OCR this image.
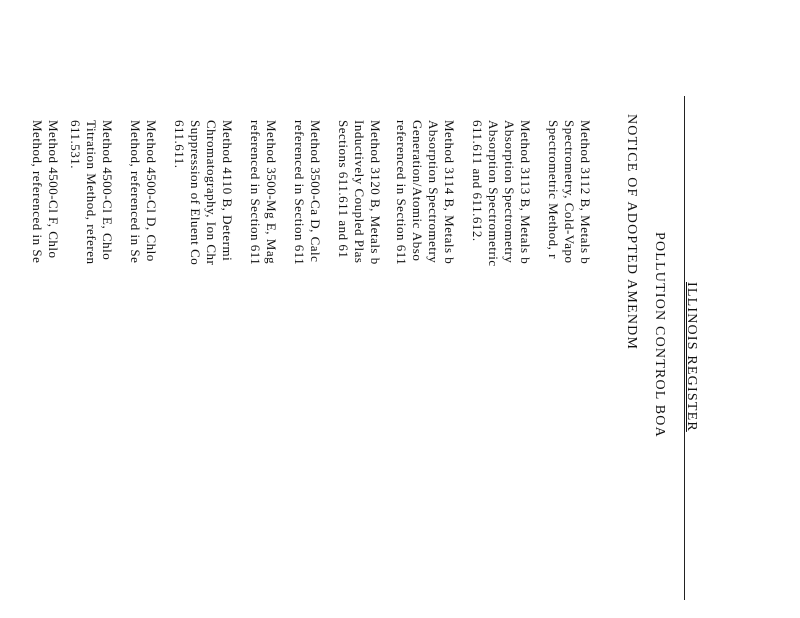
ILLINOIS REGISTER
POLLUTION CONTROL BOA
NOTICE OF ADOPTED AMENDM
Method 3112 B, Metals b
Spectrometry, Cold-Vapo
Spectrometric Method, r
Method 3113 B, Metals b
Absorption Spectrometry
Absorption Spectrometric
611.611 and 611.612.
Method 3114 B, Metals b
Absorption Spectrometry
Generation/Atomic Abso
referenced in Section 611
Method 3120 B, Metals b
Inductively Coupled Plas
Sections 611.611 and 61
Method 3500-Ca D, Calc
referenced in Section 611
Method 3500-Mg E, Mag
referenced in Section 611
Method 4110 B, Determi
Chromatography, Ion Chr
Suppression of Eluent Co
611.611.
Method 4500-Cl D, Chlo
Method, referenced in Se
Method 4500-Cl E, Chlo
Titration Method, referen
611.531.
Method 4500-Cl F, Chlo
Method, referenced in Se
